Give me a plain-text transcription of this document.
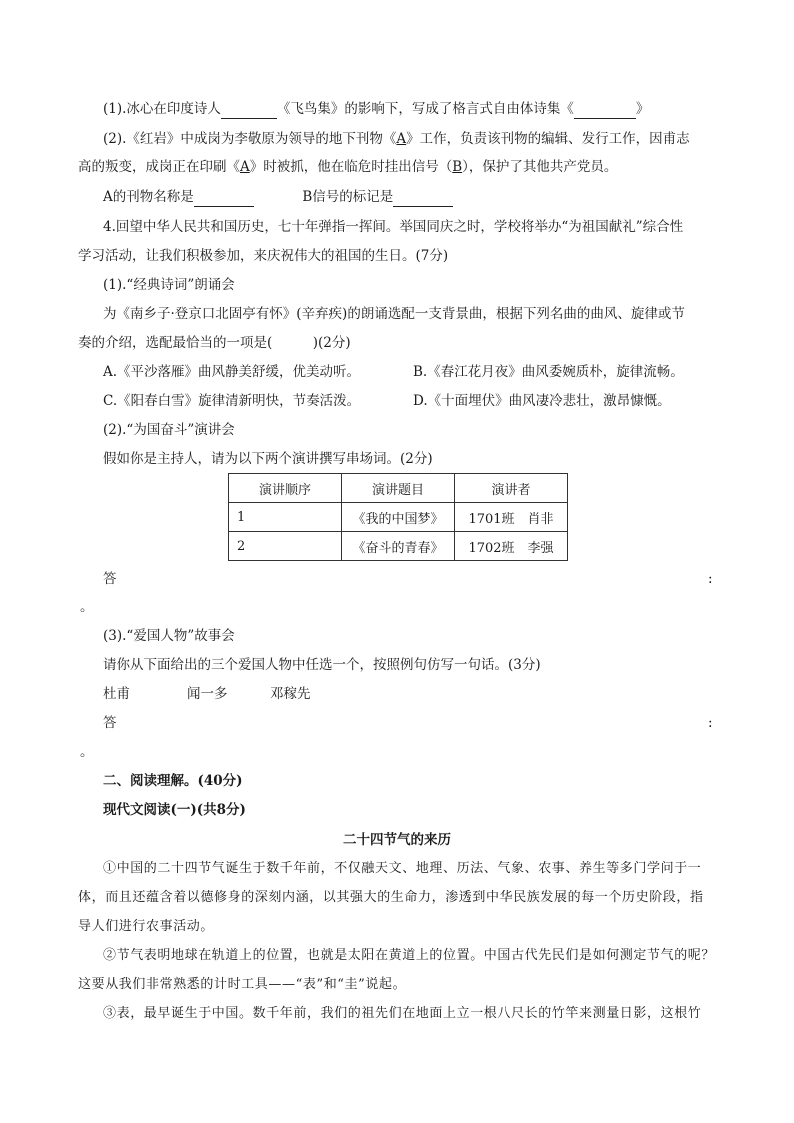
(1).冰心在印度诗人	《飞鸟集》的影响下，写成了格言式自由体诗集《	》
(2).《红岩》中成岗为李敬原为领导的地下刊物《A》工作，负责该刊物的编辑、发行工作，因甫志
高的叛变，成岗正在印刷《A》时被抓，他在临危时挂出信号（B），保护了其他共产党员。
A的刊物名称是	B信号的标记是
4.回望中华人民共和国历史，七十年弹指一挥间。举国同庆之时，学校将举办“为祖国献礼”综合性
学习活动，让我们积极参加，来庆祝伟大的祖国的生日。(7分)
(1).“经典诗词”朗诵会
为《南乡子·登京口北固亭有怀》(辛弃疾)的朗诵选配一支背景曲，根据下列名曲的曲风、旋律或节
奏的介绍，选配最恰当的一项是(　　　)(2分)
A.《平沙落雁》曲风静美舒缓，优美动听。	B.《春江花月夜》曲风委婉质朴，旋律流畅。
C.《阳春白雪》旋律清新明快，节奏活泼。	D.《十面埋伏》曲风凄冷悲壮，激昂慷慨。
(2).“为国奋斗”演讲会
假如你是主持人，请为以下两个演讲撰写串场词。(2分)
演讲顺序	演讲题目	演讲者
1	《我的中国梦》	1701班　肖非
2	《奋斗的青春》	1702班　李强
答	:
。
(3).“爱国人物”故事会
请你从下面给出的三个爱国人物中任选一个，按照例句仿写一句话。(3分)
杜甫	闻一多	邓稼先
答	:
。
二、阅读理解。(40分)
现代文阅读(一)(共8分)
二十四节气的来历
①中国的二十四节气诞生于数千年前，不仅融天文、地理、历法、气象、农事、养生等多门学问于一
体，而且还蕴含着以德修身的深刻内涵，以其强大的生命力，渗透到中华民族发展的每一个历史阶段，指
导人们进行农事活动。
②节气表明地球在轨道上的位置，也就是太阳在黄道上的位置。中国古代先民们是如何测定节气的呢？
这要从我们非常熟悉的计时工具——“表”和“圭”说起。
③表，最早诞生于中国。数千年前，我们的祖先们在地面上立一根八尺长的竹竿来测量日影，这根竹
